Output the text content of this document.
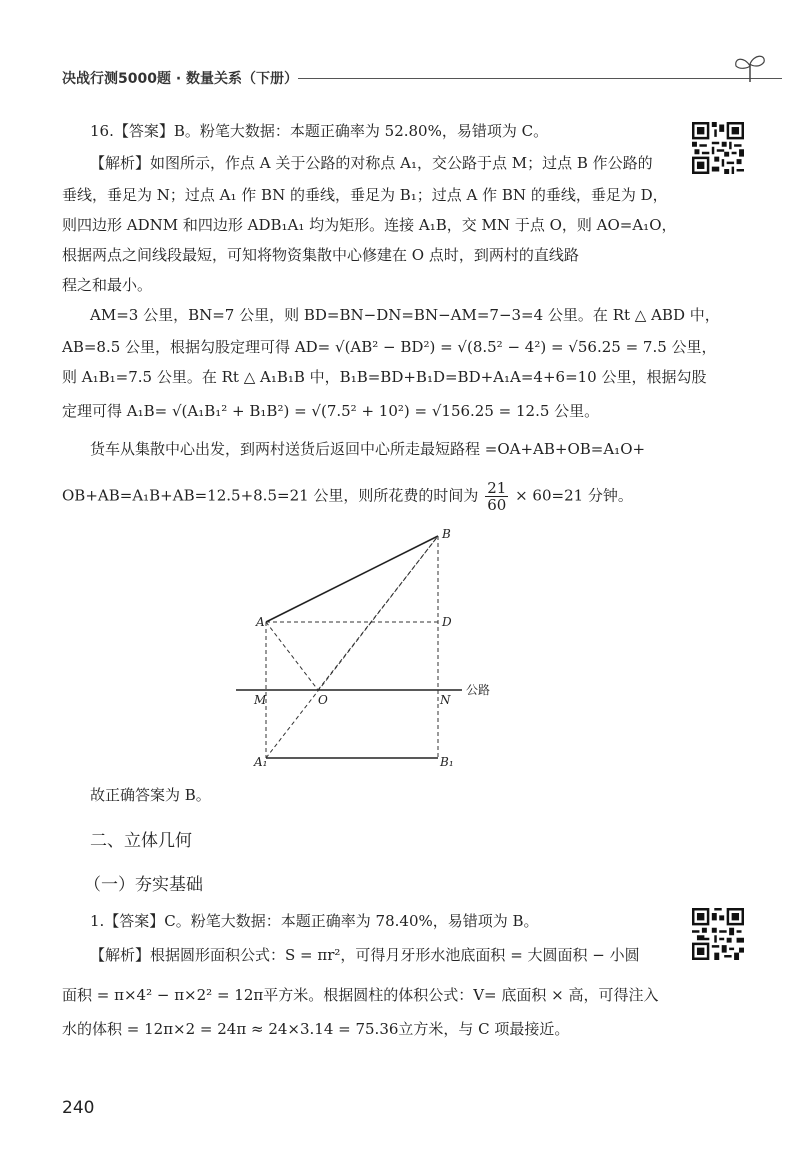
决战行测5000题 · 数量关系（下册）
16.【答案】B。粉笔大数据：本题正确率为 52.80%，易错项为 C。
【解析】如图所示，作点 A 关于公路的对称点 A₁，交公路于点 M；过点 B 作公路的
垂线，垂足为 N；过点 A₁ 作 BN 的垂线，垂足为 B₁；过点 A 作 BN 的垂线，垂足为 D，
则四边形 ADNM 和四边形 ADB₁A₁ 均为矩形。连接 A₁B，交 MN 于点 O，则 AO=A₁O，
根据两点之间线段最短，可知将物资集散中心修建在 O 点时，到两村的直线路
程之和最小。
AM=3 公里，BN=7 公里，则 BD=BN−DN=BN−AM=7−3=4 公里。在 Rt △ ABD 中，
AB=8.5 公里，根据勾股定理可得 AD= √(AB² − BD²) = √(8.5² − 4²) = √56.25 = 7.5 公里，
则 A₁B₁=7.5 公里。在 Rt △ A₁B₁B 中，B₁B=BD+B₁D=BD+A₁A=4+6=10 公里，根据勾股
定理可得 A₁B= √(A₁B₁² + B₁B²) = √(7.5² + 10²) = √156.25 = 12.5 公里。
货车从集散中心出发，到两村送货后返回中心所走最短路程 =OA+AB+OB=A₁O+
OB+AB=A₁B+AB=12.5+8.5=21 公里，则所花费的时间为 $\frac{21}{60} \times 60=21$ 分钟。
A
B
D
M	O	N
A₁	B₁
公路
故正确答案为 B。
二、立体几何
（一）夯实基础
1.【答案】C。粉笔大数据：本题正确率为 78.40%，易错项为 B。
【解析】根据圆形面积公式：S = πr²，可得月牙形水池底面积 = 大圆面积 − 小圆
面积 = π×4² − π×2² = 12π平方米。根据圆柱的体积公式：V= 底面积 × 高，可得注入
水的体积 = 12π×2 = 24π ≈ 24×3.14 = 75.36立方米，与 C 项最接近。
240
